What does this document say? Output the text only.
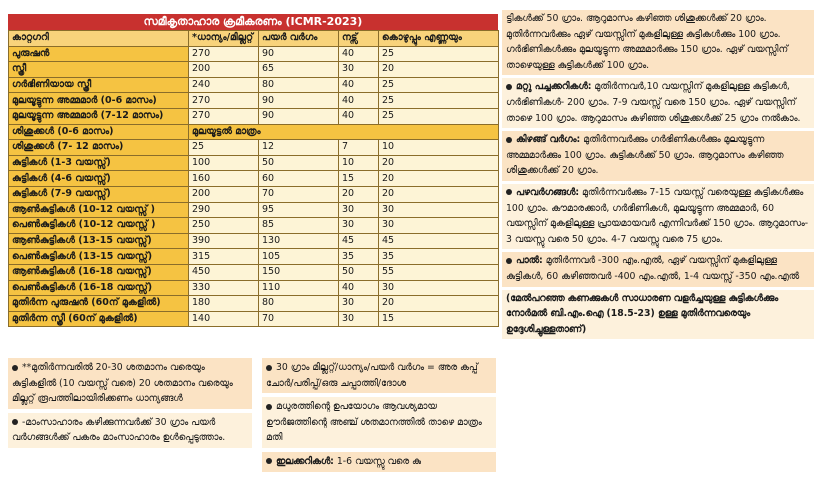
സമീകൃതാഹാര ക്രമീകരണം (ICMR-2023)
കാറ്റഗറി	*ധാന്യം/മില്ലറ്റ്	പയർ വർഗം	നട്സ്	കൊഴുപ്പും എണ്ണയും
പുരുഷൻ	270	90	40	25
സ്ത്രീ	200	65	30	20
ഗർഭിണിയായ സ്ത്രീ	240	80	40	25
മുലയൂട്ടുന്ന അമ്മമാർ (0-6 മാസം)	270	90	40	25
മുലയൂട്ടുന്ന അമ്മമാർ (7-12 മാസം)	270	90	40	25
ശിശുക്കൾ (0-6 മാസം)	മുലയൂട്ടൽ മാത്രം			
ശിശുക്കൾ (7- 12 മാസം)	25	12	7	10
കുട്ടികൾ (1-3 വയസ്സ്)	100	50	10	20
കുട്ടികൾ (4-6 വയസ്സ്)	160	60	15	20
കുട്ടികൾ (7-9 വയസ്സ്)	200	70	20	20
ആൺകുട്ടികൾ (10-12 വയസ്സ് )	290	95	30	30
പെൺകുട്ടികൾ (10-12 വയസ്സ് )	250	85	30	30
ആൺകുട്ടികൾ (13-15 വയസ്സ്)	390	130	45	45
പെൺകുട്ടികൾ (13-15 വയസ്സ്)	315	105	35	35
ആൺകുട്ടികൾ (16-18 വയസ്സ്)	450	150	50	55
പെൺകുട്ടികൾ (16-18 വയസ്സ്)	330	110	40	30
മുതിർന്ന പുരുഷൻ (60ന് മുകളിൽ)	180	80	30	20
മുതിർന്ന സ്ത്രീ (60ന് മുകളിൽ)	140	70	30	15
ട്ടികൾക്ക് 50 ഗ്രാം. ആറുമാസം കഴിഞ്ഞ ശിശുക്കൾക്ക് 20 ഗ്രാം. മുതിർന്നവർക്കും ഏഴ് വയസ്സിന് മുകളിലുള്ള കുട്ടികൾക്കും 100 ഗ്രാം. ഗർഭിണികൾക്കും മുലയൂട്ടുന്ന അമ്മമാർക്കും 150 ഗ്രാം. ഏഴ് വയസ്സിന് താഴെയുള്ള കുട്ടികൾക്ക് 100 ഗ്രാം.
മറ്റു പച്ചക്കറികൾ: മുതിർന്നവർ,10 വയസ്സിന് മുകളിലുള്ള കുട്ടികൾ, ഗർഭിണികൾ- 200 ഗ്രാം. 7-9 വയസ്സ് വരെ 150 ഗ്രാം. ഏഴ് വയസ്സിന് താഴെ 100 ഗ്രാം. ആറുമാസം കഴിഞ്ഞ ശിശുക്കൾക്ക് 25 ഗ്രാം നൽകാം.
കിഴങ്ങ് വർഗം: മുതിർന്നവർക്കും ഗർഭിണികൾക്കും മുലയൂട്ടുന്ന അമ്മമാർക്കും 100 ഗ്രാം. കുട്ടികൾക്ക് 50 ഗ്രാം. ആറുമാസം കഴിഞ്ഞ ശിശുക്കൾക്ക് 20 ഗ്രാം.
പഴവർഗങ്ങൾ: മുതിർന്നവർക്കും 7-15 വയസ്സ് വരെയുള്ള കുട്ടികൾക്കും 100 ഗ്രാം. കൗമാരക്കാർ, ഗർഭിണികൾ, മുലയൂട്ടുന്ന അമ്മമാർ, 60 വയസ്സിന് മുകളിലുള്ള പ്രായമായവർ എന്നിവർക്ക് 150 ഗ്രാം. ആറുമാസം- 3 വയസ്സു വരെ 50 ഗ്രാം. 4-7 വയസ്സു വരെ 75 ഗ്രാം.
പാൽ: മുതിർന്നവർ -300 എം.എൽ, ഏഴ് വയസ്സിന് മുകളിലുള്ള കുട്ടികൾ, 60 കഴിഞ്ഞവർ -400 എം.എൽ, 1-4 വയസ്സ് -350 എം.എൽ
(മേൽപറഞ്ഞ കണക്കുകൾ സാധാരണ വളർച്ചയുള്ള കുട്ടികൾക്കും നോർമൽ ബി.എം.ഐ (18.5-23) ഉള്ള മുതിർന്നവരെയും ഉദ്ദേശിച്ചുള്ളതാണ്)
**മുതിർന്നവരിൽ 20-30 ശതമാനം വരെയും കുട്ടികളിൽ (10 വയസ്സ് വരെ) 20 ശതമാനം വരെയും മില്ലറ്റ് രൂപത്തിലായിരിക്കണം ധാന്യങ്ങൾ
-മാംസാഹാരം കഴിക്കുന്നവർക്ക് 30 ഗ്രാം പയർ വർഗങ്ങൾക്ക് പകരം മാംസാഹാരം ഉൾപ്പെടുത്താം.
30 ഗ്രാം മില്ലറ്റ്/ധാന്യം/പയർ വർഗം = അര കപ്പ് ചോർ/പരിപ്പ്/ഒരു ചപ്പാത്തി/ദോശ
മധുരത്തിന്റെ ഉപയോഗം ആവശ്യമായ ഊർജത്തിന്റെ അഞ്ച് ശതമാനത്തിൽ താഴെ മാത്രം മതി
ഇലക്കറികൾ: 1-6 വയസ്സു വരെ കു
